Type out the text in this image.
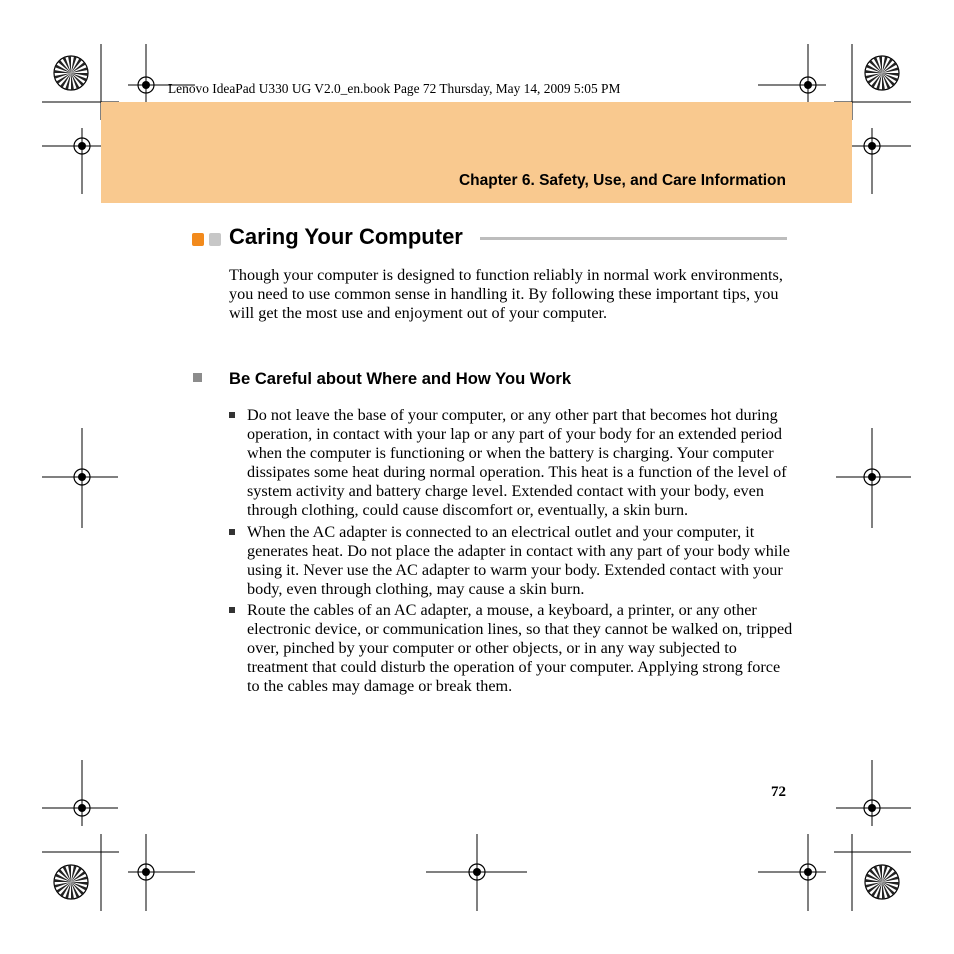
Lenovo IdeaPad U330 UG V2.0_en.book Page 72 Thursday, May 14, 2009 5:05 PM
Chapter 6. Safety, Use, and Care Information
Caring Your Computer
Though your computer is designed to function reliably in normal work environments, you need to use common sense in handling it. By following these important tips, you will get the most use and enjoyment out of your computer.
Be Careful about Where and How You Work
Do not leave the base of your computer, or any other part that becomes hot during operation, in contact with your lap or any part of your body for an extended period when the computer is functioning or when the battery is charging. Your computer dissipates some heat during normal operation. This heat is a function of the level of system activity and battery charge level. Extended contact with your body, even through clothing, could cause discomfort or, eventually, a skin burn.
When the AC adapter is connected to an electrical outlet and your computer, it generates heat. Do not place the adapter in contact with any part of your body while using it. Never use the AC adapter to warm your body. Extended contact with your body, even through clothing, may cause a skin burn.
Route the cables of an AC adapter, a mouse, a keyboard, a printer, or any other electronic device, or communication lines, so that they cannot be walked on, tripped over, pinched by your computer or other objects, or in any way subjected to treatment that could disturb the operation of your computer. Applying strong force to the cables may damage or break them.
72
